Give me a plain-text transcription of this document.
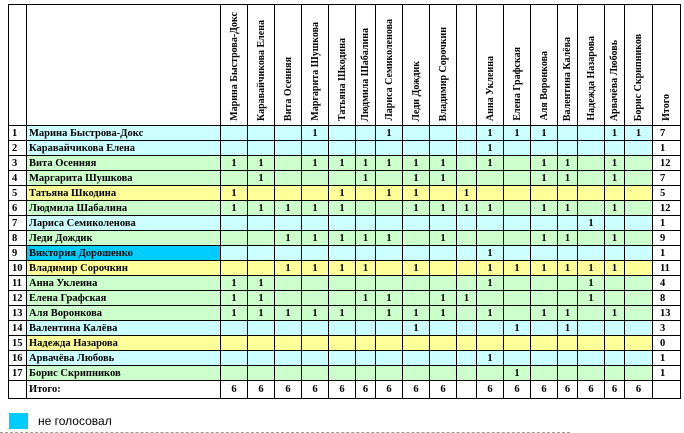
		Марина Быстрова-Докс	Каравайчикова Елена	Вита Осенняя	Маргарита Шушкова	Татьяна Шкодина	Людмила Шабалина	Лариса Семиколенова	Леди Дождик	Владимир Сорочкин		Анна Уклеина	Елена Графская	Аля Воронкова	Валентина Калёва	Надежда Назарова	Арвачёва Любовь	Борис Скрипников	Итого

1	Марина Быстрова-Докс				1			1				1	1	1			1	1	7	
2	Каравайчикова Елена											1							1	
3	Вита Осенняя	1	1		1	1	1	1	1	1		1		1	1		1		12	
4	Маргарита Шушкова		1				1		1	1				1	1		1		7	
5	Татьяна Шкодина	1				1		1	1		1								5	
6	Людмила Шабалина	1	1	1	1	1			1	1	1	1		1	1		1		12	
7	Лариса Семиколенова															1			1	
8	Леди Дождик			1	1	1	1	1		1				1	1		1		9	
9	Виктория Дорошенко											1							1	
10	Владимир Сорочкин			1	1	1	1		1			1	1	1	1	1	1		11	
11	Анна Уклеина	1	1									1				1			4	
12	Елена Графская	1	1				1	1		1	1					1			8	
13	Аля Воронкова	1	1	1	1	1		1	1	1		1		1	1		1		13	
14	Валентина Калёва								1				1		1				3	
15	Надежда Назарова																		0	
16	Арвачёва Любовь											1							1	
17	Борис Скрипников												1						1	
	Итого:	6	6	6	6	6	6	6	6	6		6	6	6	6	6	6	6		
не голосовал
